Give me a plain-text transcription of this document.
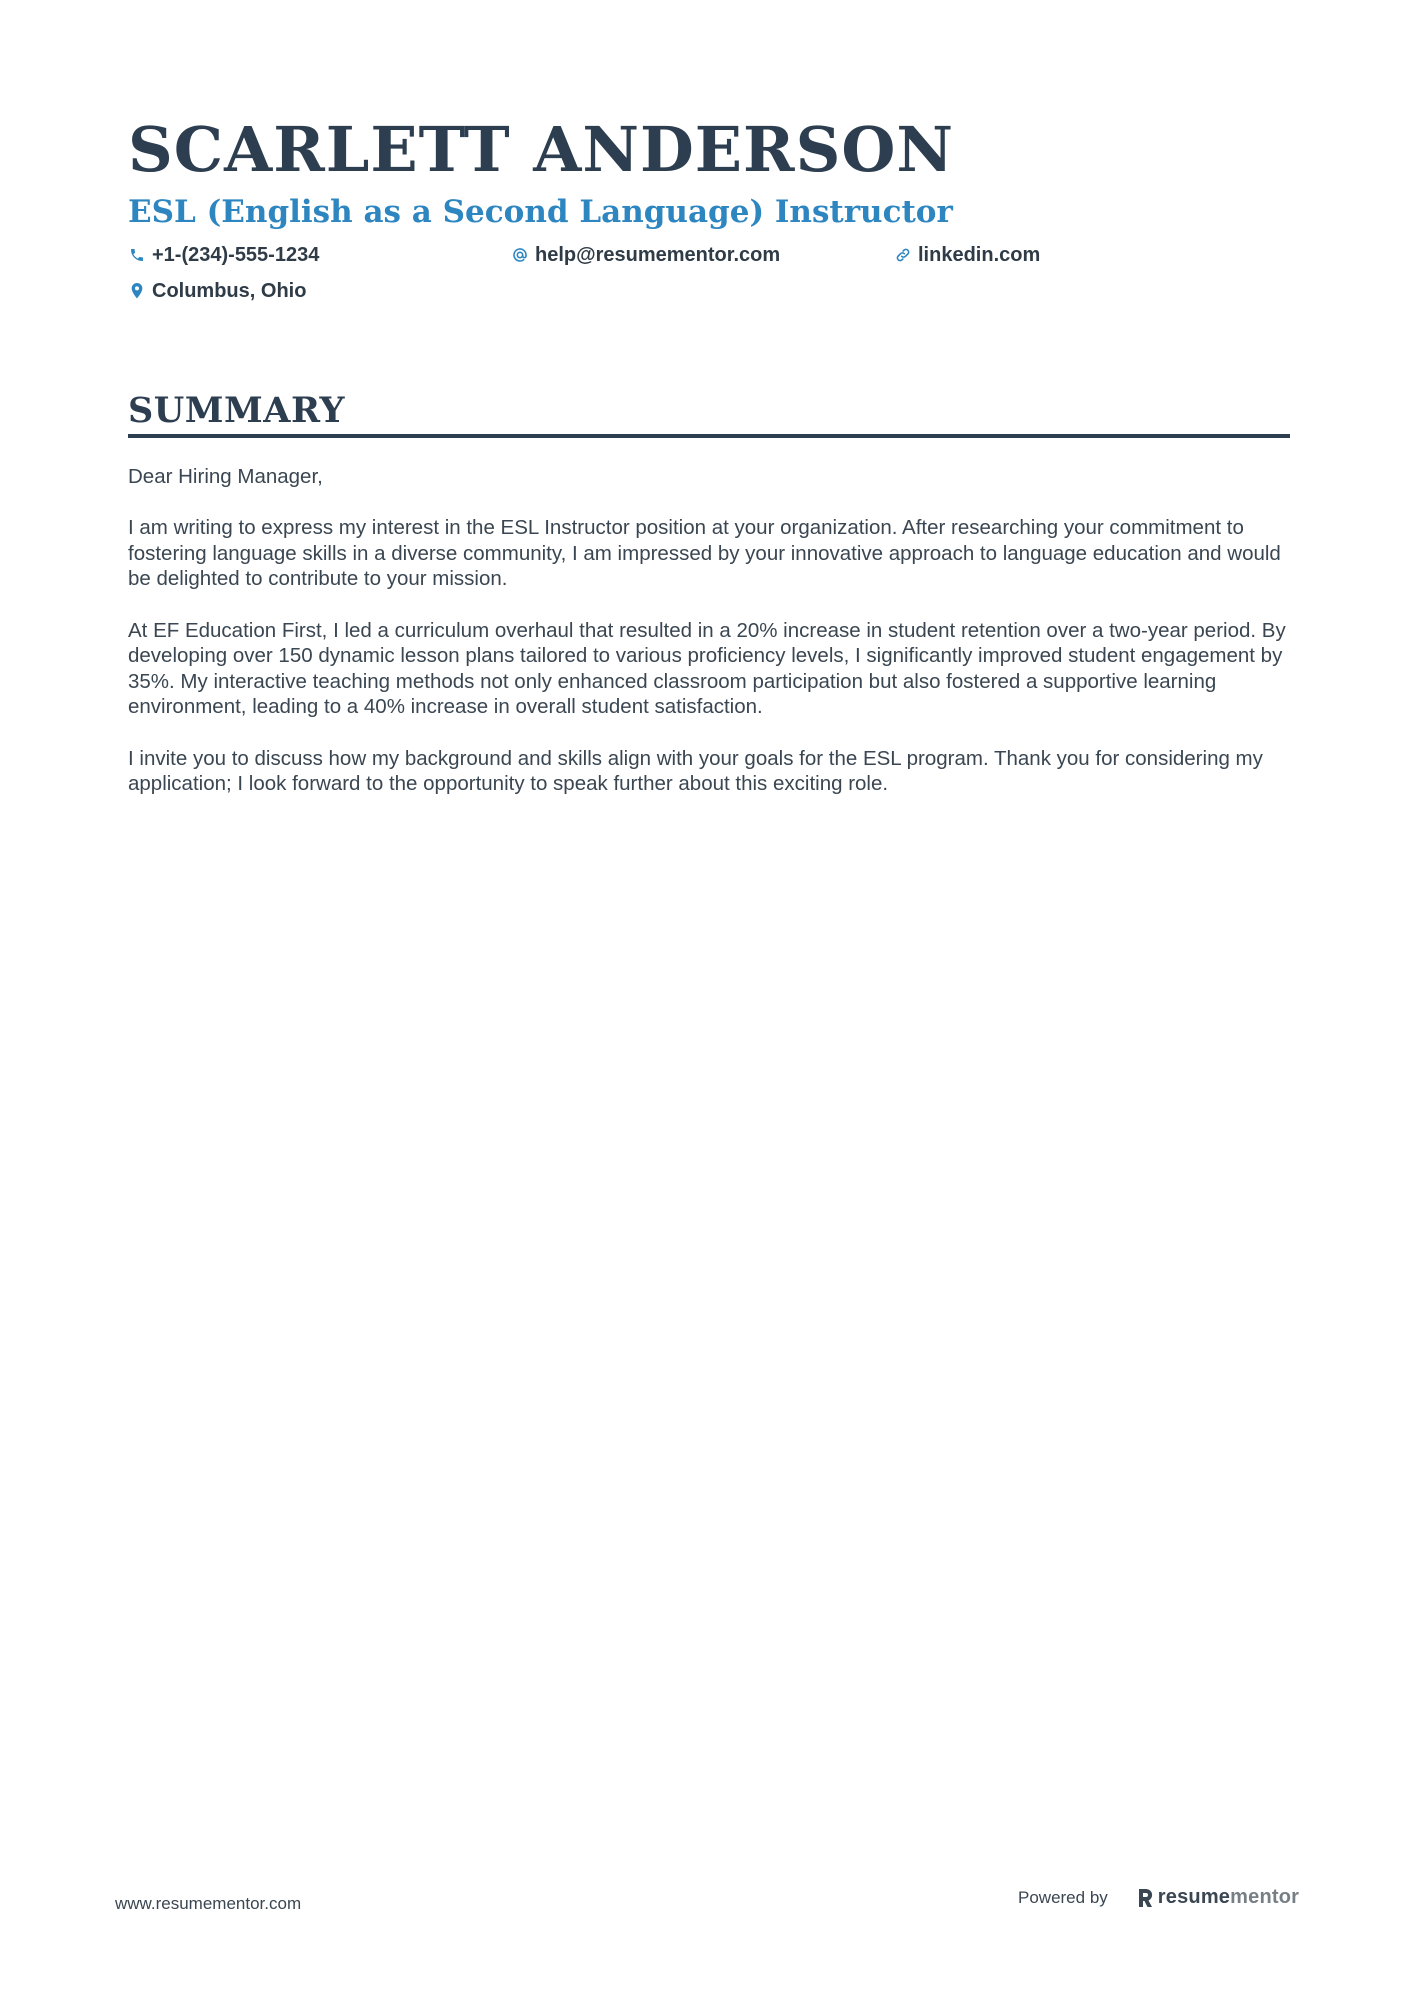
SCARLETT ANDERSON
ESL (English as a Second Language) Instructor
+1-(234)-555-1234	help@resumementor.com	linkedin.com
Columbus, Ohio
SUMMARY

Dear Hiring Manager,

I am writing to express my interest in the ESL Instructor position at your organization. After researching your commitment to fostering language skills in a diverse community, I am impressed by your innovative approach to language education and would be delighted to contribute to your mission.

At EF Education First, I led a curriculum overhaul that resulted in a 20% increase in student retention over a two-year period. By developing over 150 dynamic lesson plans tailored to various proficiency levels, I significantly improved student engagement by 35%. My interactive teaching methods not only enhanced classroom participation but also fostered a supportive learning environment, leading to a 40% increase in overall student satisfaction.

I invite you to discuss how my background and skills align with your goals for the ESL program. Thank you for considering my application; I look forward to the opportunity to speak further about this exciting role.

www.resumementor.com	Powered by	resume mentor
